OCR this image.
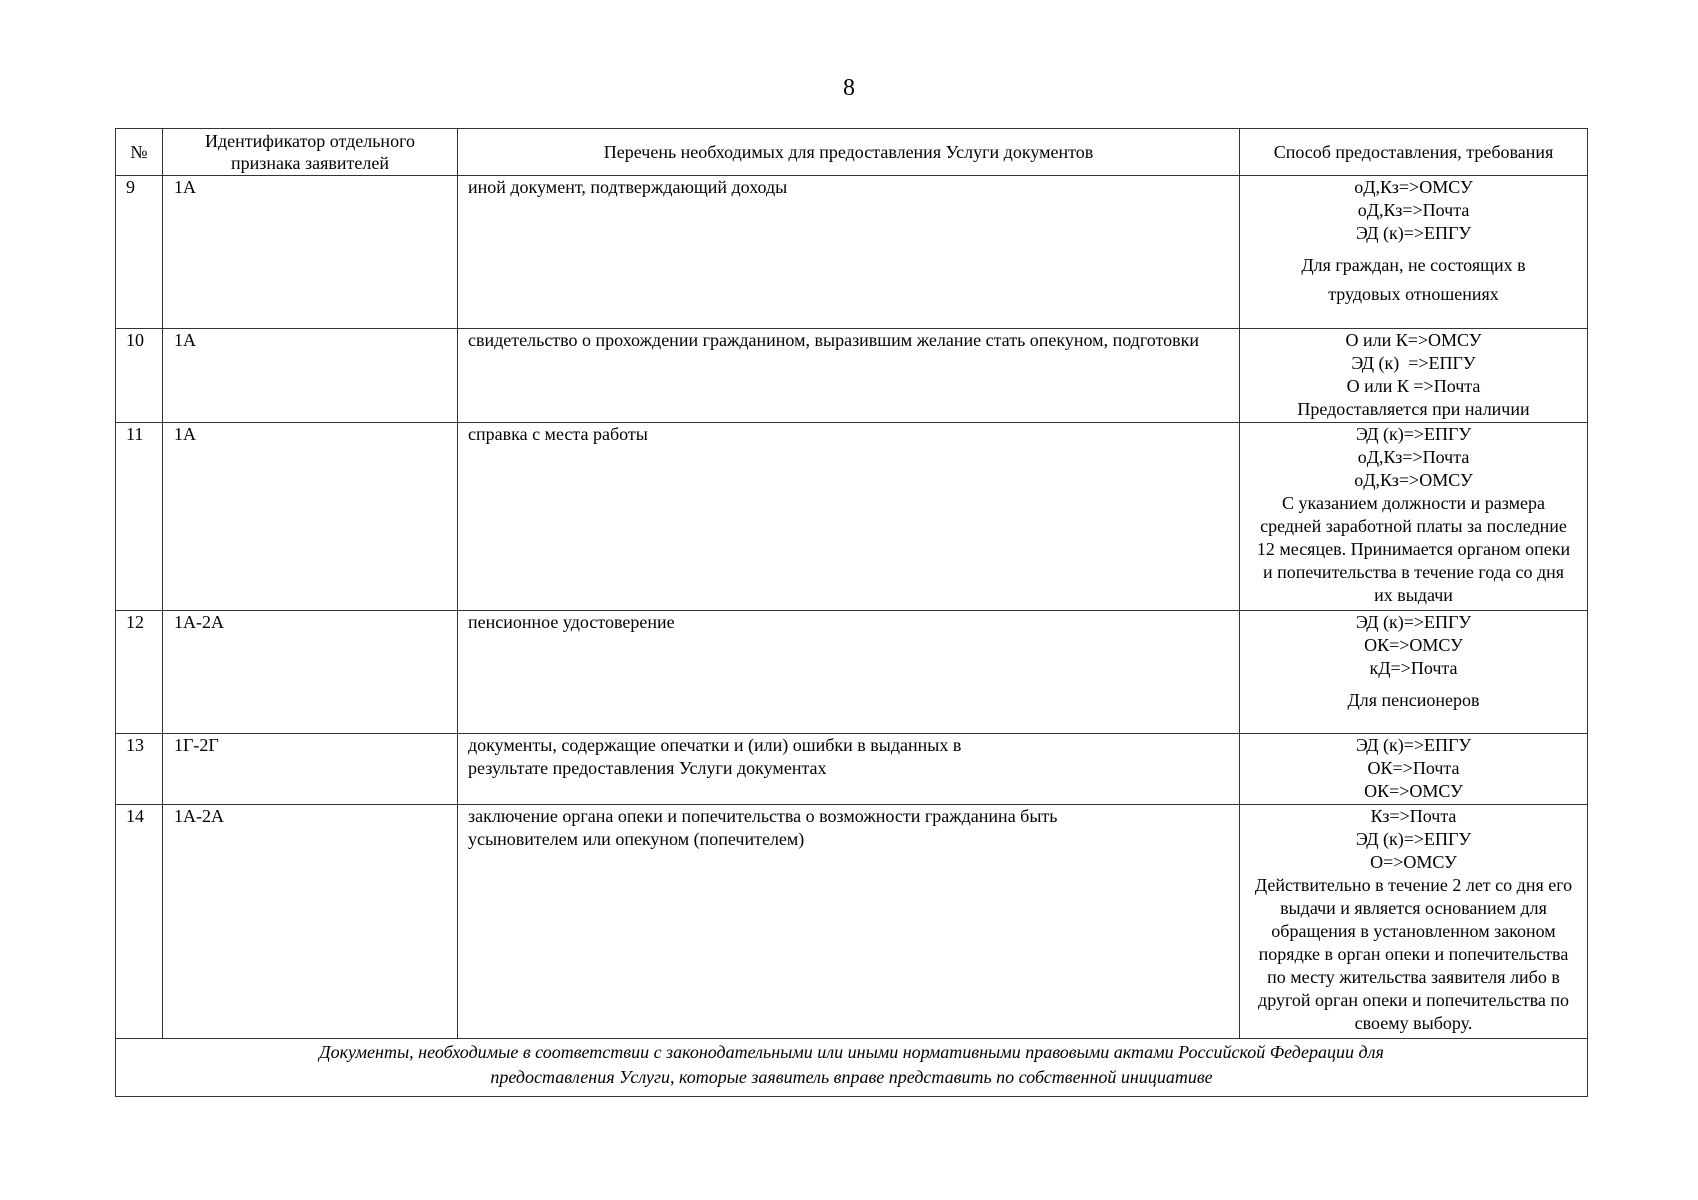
8
№	Идентификатор отдельного признака заявителей	Перечень необходимых для предоставления Услуги документов	Способ предоставления, требования
9	1А	иной документ, подтверждающий доходы	оД,Кз=>ОМСУ
оД,Кз=>Почта
ЭД (к)=>ЕПГУ
Для граждан, не состоящих в трудовых отношениях

10	1А	свидетельство о прохождении гражданином, выразившим желание стать опекуном, подготовки	О или К=>ОМСУ
ЭД (к)  =>ЕПГУ
О или К =>Почта
Предоставляется при наличии

11	1А	справка с места работы	ЭД (к)=>ЕПГУ
оД,Кз=>Почта
оД,Кз=>ОМСУ
С указанием должности и размера средней заработной платы за последние 12 месяцев. Принимается органом опеки и попечительства в течение года со дня их выдачи

12	1А-2А	пенсионное удостоверение	ЭД (к)=>ЕПГУ
ОК=>ОМСУ
кД=>Почта
Для пенсионеров

13	1Г-2Г	документы, содержащие опечатки и (или) ошибки в выданных в результате предоставления Услуги документах	ЭД (к)=>ЕПГУ
ОК=>Почта
ОК=>ОМСУ

14	1А-2А	заключение органа опеки и попечительства о возможности гражданина быть усыновителем или опекуном (попечителем)	Кз=>Почта
ЭД (к)=>ЕПГУ
О=>ОМСУ
Действительно в течение 2 лет со дня его выдачи и является основанием для обращения в установленном законом порядке в орган опеки и попечительства по месту жительства заявителя либо в другой орган опеки и попечительства по своему выбору.

Документы, необходимые в соответствии с законодательными или иными нормативными правовыми актами Российской Федерации для предоставления Услуги, которые заявитель вправе представить по собственной инициативе			
